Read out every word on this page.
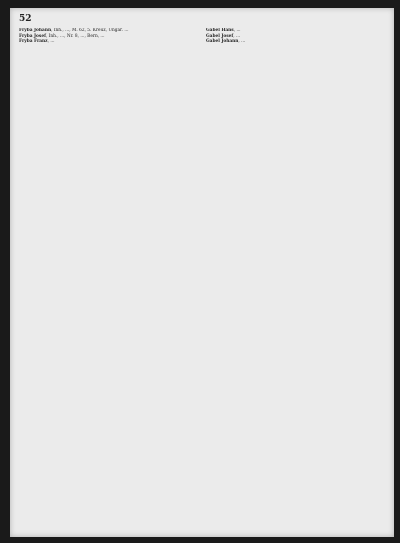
52
Fryba Johann, Inh., ..., M. 62, 5. Kreuz, Ungar. ...
Fryba Josef, Inh., ..., Nr. 8, ..., Bern, ...
Fryba Franz, ...
Gabel Hans, ...
Gabel Josef, ...
Gabel Johann, ...
